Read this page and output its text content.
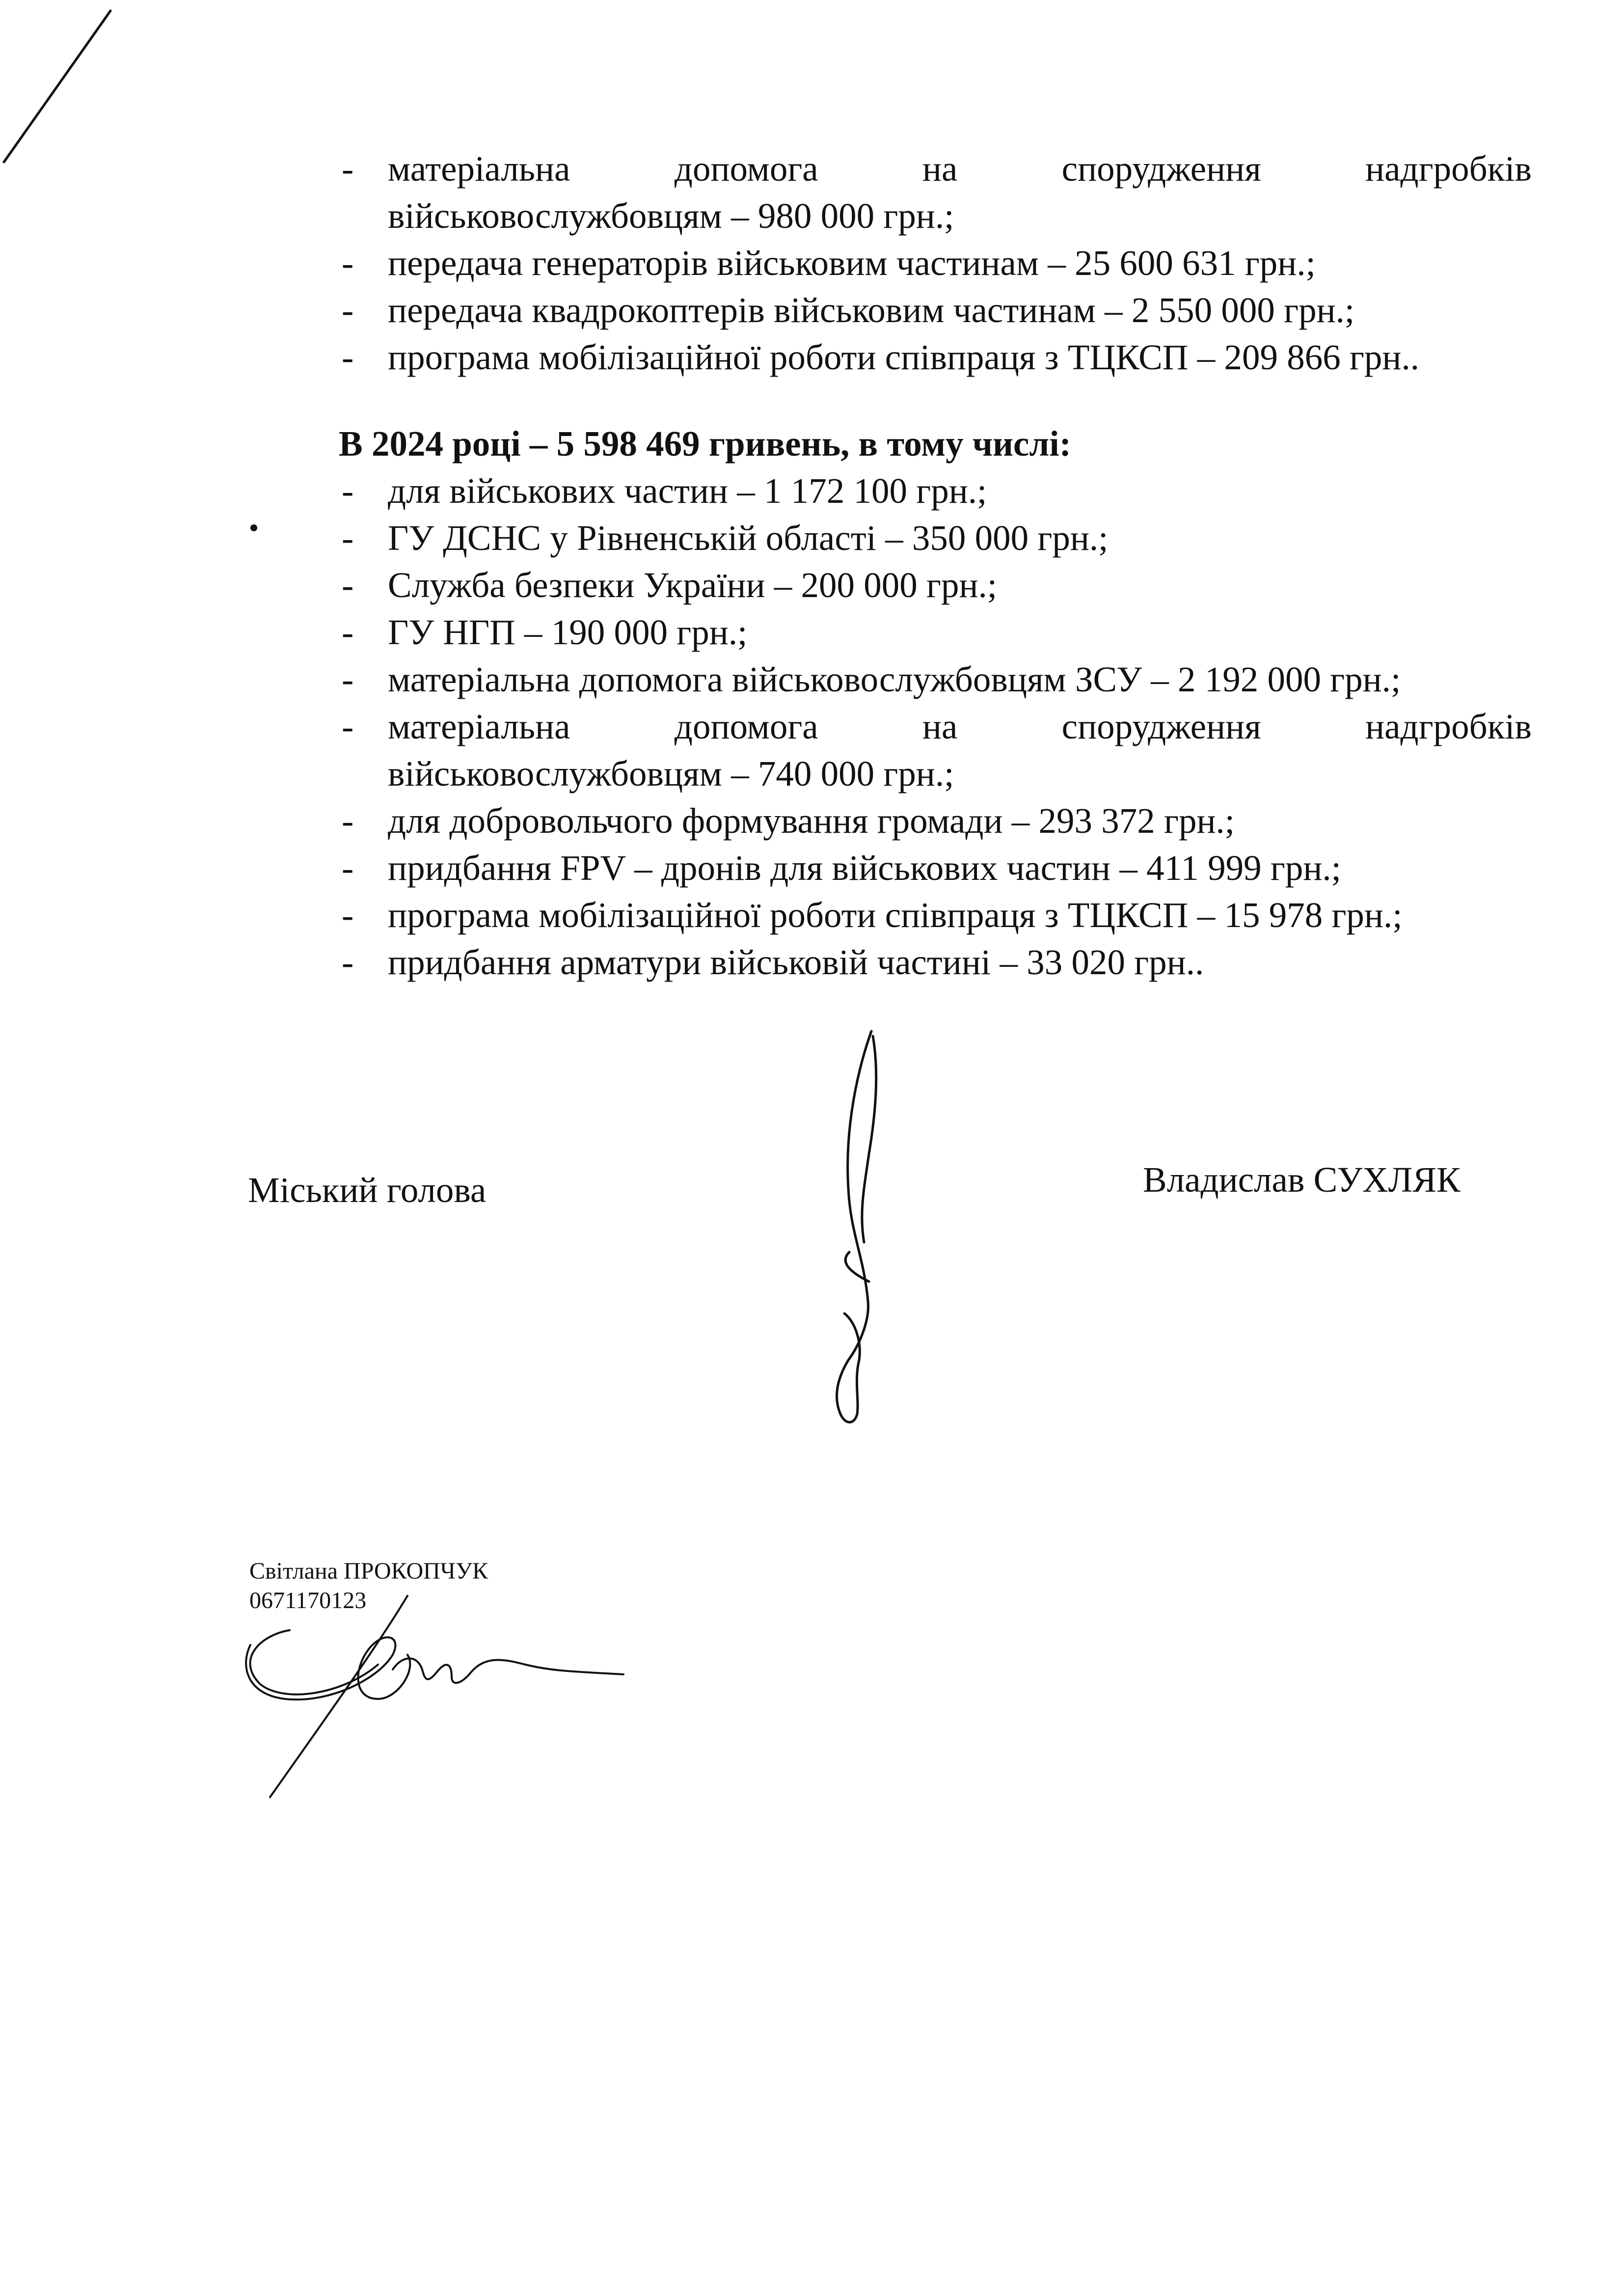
- матеріальна допомога на спорудження надгробків
військовослужбовцям – 980 000 грн.;
- передача генераторів військовим частинам – 25 600 631 грн.;
- передача квадрокоптерів військовим частинам – 2 550 000 грн.;
- програма мобілізаційної роботи співпраця з ТЦКСП – 209 866 грн..

В 2024 році – 5 598 469 гривень, в тому числі:

- для військових частин – 1 172 100 грн.;
- ГУ ДСНС у Рівненській області – 350 000 грн.;
- Служба безпеки України – 200 000 грн.;
- ГУ НГП – 190 000 грн.;
- матеріальна допомога військовослужбовцям ЗСУ – 2 192 000 грн.;
- матеріальна допомога на спорудження надгробків
військовослужбовцям – 740 000 грн.;
- для добровольчого формування громади – 293 372 грн.;
- придбання FPV – дронів для військових частин – 411 999 грн.;
- програма мобілізаційної роботи співпраця з ТЦКСП – 15 978 грн.;
- придбання арматури військовій частині – 33 020 грн..
Міський голова	Владислав СУХЛЯК
Світлана ПРОКОПЧУК
0671170123
